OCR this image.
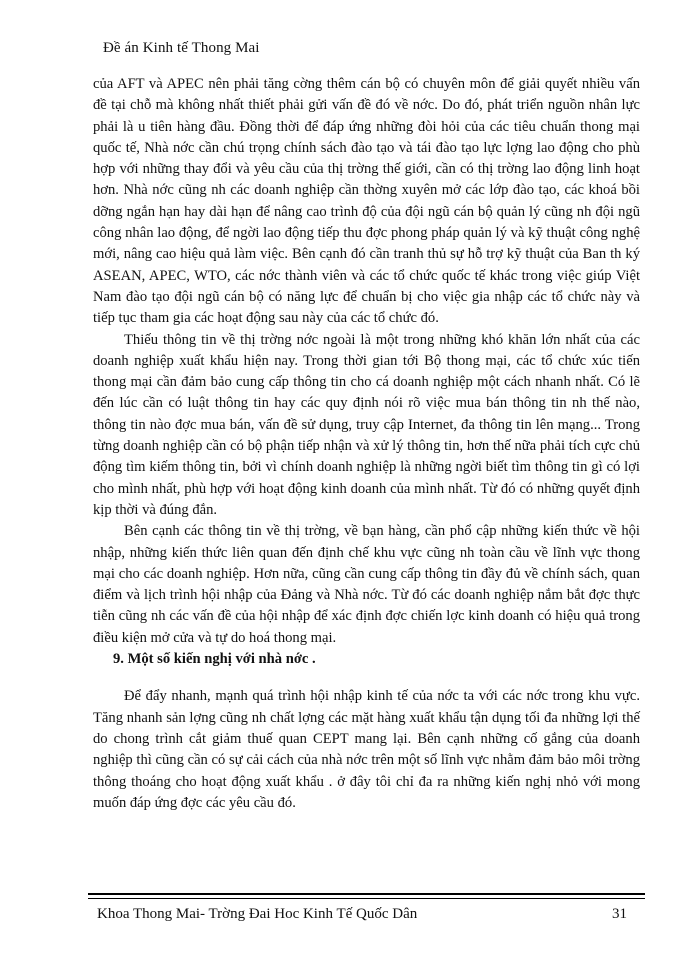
Đề án Kinh tế Thong Mai

của AFT và APEC nên phải tăng cờng thêm cán bộ có chuyên môn để giải quyết nhiều vấn đề tại chỗ mà không nhất thiết phải gửi vấn đề đó về nớc. Do đó, phát triển nguồn nhân lực phải là u tiên hàng đầu. Đồng thời để đáp ứng những đòi hỏi của các tiêu chuẩn thong mại quốc tế, Nhà nớc cần chú trọng chính sách đào tạo và tái đào tạo lực lợng lao động cho phù hợp với những thay đổi và yêu cầu của thị trờng thế giới, cần có thị trờng lao động linh hoạt hơn. Nhà nớc cũng nh các doanh nghiệp cần thờng xuyên mở các lớp đào tạo, các khoá bồi dỡng ngắn hạn hay dài hạn để nâng cao trình độ của đội ngũ cán bộ quản lý cũng nh đội ngũ công nhân lao động, để ngời lao động tiếp thu đợc phong pháp quản lý và kỹ thuật công nghệ mới, nâng cao hiệu quả làm việc. Bên cạnh đó cần tranh thủ sự hỗ trợ kỹ thuật của Ban th ký ASEAN, APEC, WTO, các nớc thành viên và các tổ chức quốc tế khác trong việc giúp Việt Nam đào tạo đội ngũ cán bộ có năng lực để chuẩn bị cho việc gia nhập các tổ chức này và tiếp tục tham gia các hoạt động sau này của các tổ chức đó.

Thiếu thông tin về thị trờng nớc ngoài là một trong những khó khăn lớn nhất của các doanh nghiệp xuất khẩu hiện nay. Trong thời gian tới Bộ thong mại, các tổ chức xúc tiến thong mại cần đảm bảo cung cấp thông tin cho cá doanh nghiệp một cách nhanh nhất. Có lẽ đến lúc cần có luật thông tin hay các quy định nói rõ việc mua bán thông tin nh thế nào, thông tin nào đợc mua bán, vấn đề sử dụng, truy cập Internet, đa thông tin lên mạng... Trong từng doanh nghiệp cần có bộ phận tiếp nhận và xử lý thông tin, hơn thế nữa phải tích cực chủ động tìm kiếm thông tin, bởi vì chính doanh nghiệp là những ngời biết tìm thông tin gì có lợi cho mình nhất, phù hợp với hoạt động kinh doanh của mình nhất. Từ đó có những quyết định kịp thời và đúng đắn.

Bên cạnh các thông tin về thị trờng, về bạn hàng, cần phổ cập những kiến thức về hội nhập, những kiến thức liên quan đến định chế khu vực cũng nh toàn cầu về lĩnh vực thong mại cho các doanh nghiệp. Hơn nữa, cũng cần cung cấp thông tin đầy đủ về chính sách, quan điểm và lịch trình hội nhập của Đảng và Nhà nớc. Từ đó các doanh nghiệp nắm bắt đợc thực tiễn cũng nh các vấn đề của hội nhập để xác định đợc chiến lợc kinh doanh có hiệu quả trong điều kiện mở cửa và tự do hoá thong mại.

9. Một số kiến nghị với nhà nớc .

Để đẩy nhanh, mạnh quá trình hội nhập kinh tế của nớc ta với các nớc trong khu vực. Tăng nhanh sản lợng cũng nh chất lợng các mặt hàng xuất khẩu tận dụng tối đa những lợi thế do chong trình cắt giảm thuế quan CEPT mang lại. Bên cạnh những cố gắng của doanh nghiệp thì cũng cần có sự cải cách của nhà nớc trên một số lĩnh vực nhằm đảm bảo môi trờng thông thoáng cho hoạt động xuất khẩu . ở đây tôi chỉ đa ra những kiến nghị nhỏ với mong muốn đáp ứng đợc các yêu cầu đó.

Khoa Thong Mai- Trờng Đai Hoc Kinh Tế Quốc Dân	31
